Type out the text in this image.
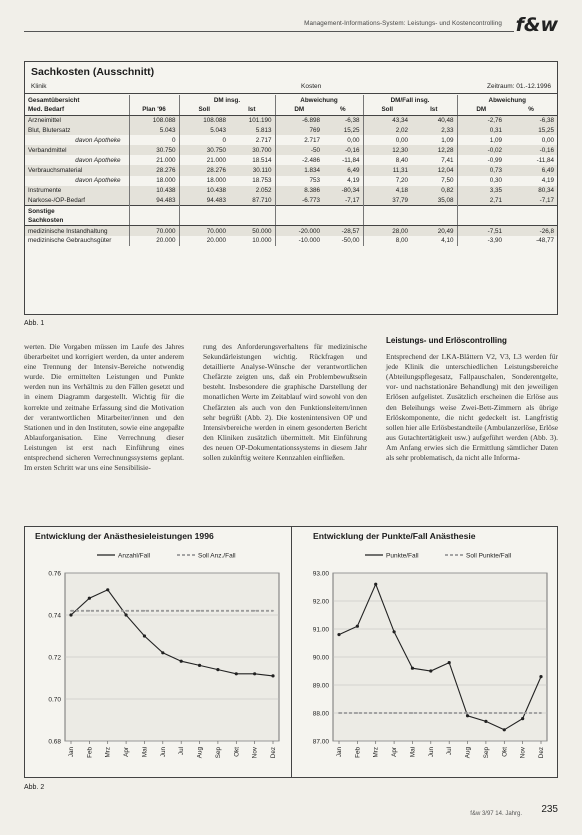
Management-Informations-System: Leistungs- und Kostencontrolling f&w
Sachkosten (Ausschnitt)
Klinik	Kosten	Zeitraum: 01.-12.1996
Gesamtübersicht		DM insg.		Abweichung		DM/Fall insg.		Abweichung	
Med. Bedarf	Plan '96	Soll	Ist	DM	%	Soll	Ist	DM	%
Arzneimittel	108.088	108.088	101.190	-6.898	-6,38	43,34	40,48	-2,76	-6,38
Blut, Blutersatz	5.043	5.043	5.813	769	15,25	2,02	2,33	0,31	15,25
davon Apotheke	0	0	2.717	2.717	0,00	0,00	1,09	1,09	0,00
Verbandmittel	30.750	30.750	30.700	-50	-0,16	12,30	12,28	-0,02	-0,16
davon Apotheke	21.000	21.000	18.514	-2.486	-11,84	8,40	7,41	-0,99	-11,84
Verbrauchsmaterial	28.276	28.276	30.110	1.834	6,49	11,31	12,04	0,73	6,49
davon Apotheke	18.000	18.000	18.753	753	4,19	7,20	7,50	0,30	4,19
Instrumente	10.438	10.438	2.052	8.386	-80,34	4,18	0,82	3,35	80,34
Narkose-/OP-Bedarf	94.483	94.483	87.710	-6.773	-7,17	37,79	35,08	2,71	-7,17
Sonstige									
Sachkosten									
medizinische Instandhaltung	70.000	70.000	50.000	-20.000	-28,57	28,00	20,49	-7,51	-26,8
medizinische Gebrauchsgüter	20.000	20.000	10.000	-10.000	-50,00	8,00	4,10	-3,90	-48,77
Abb. 1
werten. Die Vorgaben müssen im Laufe des Jahres überarbeitet und korrigiert werden, da unter anderem eine Trennung der Intensiv-Bereiche notwendig wurde. Die ermittelten Leistungen und Punkte werden nun ins Verhältnis zu den Fällen gesetzt und in einem Diagramm dargestellt. Wichtig für die korrekte und zeitnahe Erfassung sind die Motivation der verantwortlichen Mitarbeiter/innen und den Stationen und in den Instituten, sowie eine angepaßte Ablauforganisation. Eine Verrechnung dieser Leistungen ist erst nach Einführung eines entsprechend sicheren Verrechnungssystems geplant. Im ersten Schritt war uns eine Sensibilisie-
rung des Anforderungsverhaltens für medizinische Sekundärleistungen wichtig. Rückfragen und detaillierte Analyse-Wünsche der verantwortlichen Chefärzte zeigten uns, daß ein Problembewußtsein besteht. Insbesondere die graphische Darstellung der monatlichen Werte im Zeitablauf wird sowohl von den Chefärzten als auch von den Funktionsleitern/innen sehr begrüßt (Abb. 2). Die kostenintensiven OP und Intensivbereiche werden in einem gesonderten Bericht den Kliniken zusätzlich übermittelt. Mit Einführung des neuen OP-Dokumentationssystems in diesem Jahr sollen zukünftig weitere Kennzahlen einfließen.
Leistungs- und Erlöscontrolling
Entsprechend der LKA-Blättern V2, V3, L3 werden für jede Klinik die unterschiedlichen Leistungsbereiche (Abteilungspflegesatz, Fallpauschalen, Sonderentgelte, vor- und nachstationäre Behandlung) mit den jeweiligen Erlösen aufgelistet. Zusätzlich erscheinen die Erlöse aus den Beleihungs weise Zwei-Bett-Zimmern als übrige Erlöskomponente, die nicht gedeckelt ist. Langfristig sollen hier alle Erlösbestandteile (Ambulanzerlöse, Erlöse aus Gutachtertätigkeit usw.) aufgeführt werden (Abb. 3). Am Anfang erwies sich die Ermittlung sämtlicher Daten als sehr problematisch, da nicht alle Informa-
Entwicklung der Anästhesieleistungen 1996	Entwicklung der Punkte/Fall Anästhesie
Anzahl/Fall	Soll Anz./Fall
0.68
0.70
0.72
0.74
0.76
Jan Feb Mrz Apr Mai Jun Jul Aug Sep Okt Nov Dez
Punkte/Fall	Soll Punkte/Fall
87.00
88.00
89.00
90.00
91.00
92.00
93.00
Jan Feb Mrz Apr Mai Jun Jul Aug Sep Okt Nov Dez
Abb. 2
f&w 3/97 14. Jahrg. 235
